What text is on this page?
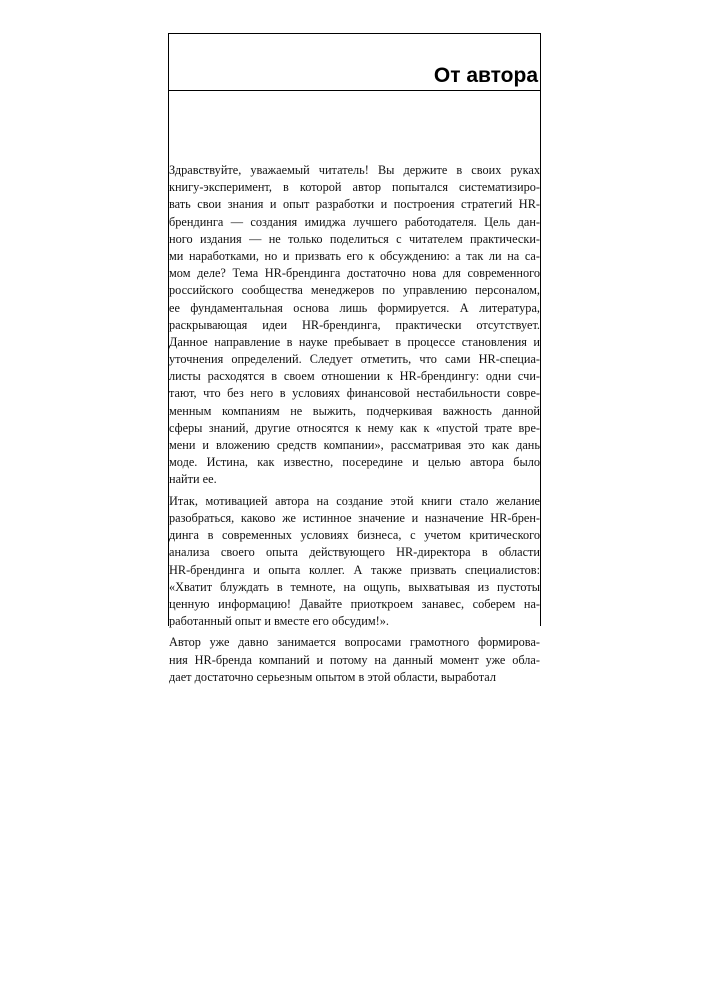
От автора
Здравствуйте, уважаемый читатель! Вы держите в своих руках
книгу-эксперимент, в которой автор попытался систематизиро-
вать свои знания и опыт разработки и построения стратегий HR-
брендинга — создания имиджа лучшего работодателя. Цель дан-
ного издания — не только поделиться с читателем практически-
ми наработками, но и призвать его к обсуждению: а так ли на са-
мом деле? Тема HR-брендинга достаточно нова для современного
российского сообщества менеджеров по управлению персоналом,
ее фундаментальная основа лишь формируется. А литература,
раскрывающая идеи HR-брендинга, практически отсутствует.
Данное направление в науке пребывает в процессе становления и
уточнения определений. Следует отметить, что сами HR-специа-
листы расходятся в своем отношении к HR-брендингу: одни счи-
тают, что без него в условиях финансовой нестабильности совре-
менным компаниям не выжить, подчеркивая важность данной
сферы знаний, другие относятся к нему как к «пустой трате вре-
мени и вложению средств компании», рассматривая это как дань
моде. Истина, как известно, посередине и целью автора было
найти ее.
Итак, мотивацией автора на создание этой книги стало желание
разобраться, каково же истинное значение и назначение HR-брен-
динга в современных условиях бизнеса, с учетом критического
анализа своего опыта действующего HR-директора в области
HR-брендинга и опыта коллег. А также призвать специалистов:
«Хватит блуждать в темноте, на ощупь, выхватывая из пустоты
ценную информацию! Давайте приоткроем занавес, соберем на-
работанный опыт и вместе его обсудим!».
Автор уже давно занимается вопросами грамотного формирова-
ния HR-бренда компаний и потому на данный момент уже обла-
дает достаточно серьезным опытом в этой области, выработал
